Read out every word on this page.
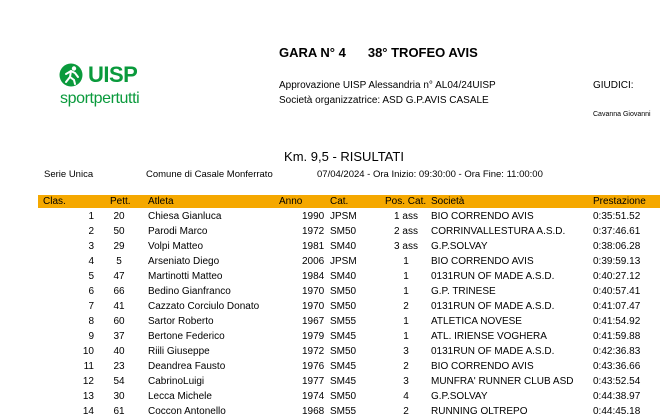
UISP
sportpertutti
GARA N° 4 38° TROFEO AVIS
Approvazione UISP Alessandria n° AL04/24UISP
Società organizzatrice: ASD G.P.AVIS CASALE
GIUDICI:
Cavanna Giovanni
Km. 9,5 - RISULTATI
Serie Unica	Comune di Casale Monferrato	07/04/2024 - Ora Inizio: 09:30:00 - Ora Fine: 11:00:00
Clas.	Pett. Atleta	Anno	Cat.	Pos. Cat. Società	Prestazione
1	20	Chiesa Gianluca	1990 JPSM	1 ass	BIO CORRENDO AVIS	0:35:51.52
2	50	Parodi Marco	1972 SM50	2 ass	CORRINVALLESTURA A.S.D.	0:37:46.61
3	29	Volpi Matteo	1981 SM40	3 ass	G.P.SOLVAY	0:38:06.28
4	5	Arseniato Diego	2006 JPSM	1	BIO CORRENDO AVIS	0:39:59.13
5	47	Martinotti Matteo	1984 SM40	1	0131RUN OF MADE A.S.D.	0:40:27.12
6	66	Bedino Gianfranco	1970 SM50	1	G.P. TRINESE	0:40:57.41
7	41	Cazzato Corciulo Donato	1970 SM50	2	0131RUN OF MADE A.S.D.	0:41:07.47
8	60	Sartor Roberto	1967 SM55	1	ATLETICA NOVESE	0:41:54.92
9	37	Bertone Federico	1979 SM45	1	ATL. IRIENSE VOGHERA	0:41:59.88
10	40	Riili Giuseppe	1972 SM50	3	0131RUN OF MADE A.S.D.	0:42:36.83
11	23	Deandrea Fausto	1976 SM45	2	BIO CORRENDO AVIS	0:43:36.66
12	54	CabrinoLuigi	1977 SM45	3	MUNFRA' RUNNER CLUB ASD 0:43:52.54
13	30	Lecca Michele	1974 SM50	4	G.P.SOLVAY	0:44:38.97
14	61	Coccon Antonello	1968 SM55	2	RUNNING OLTREPO	0:44:45.18
